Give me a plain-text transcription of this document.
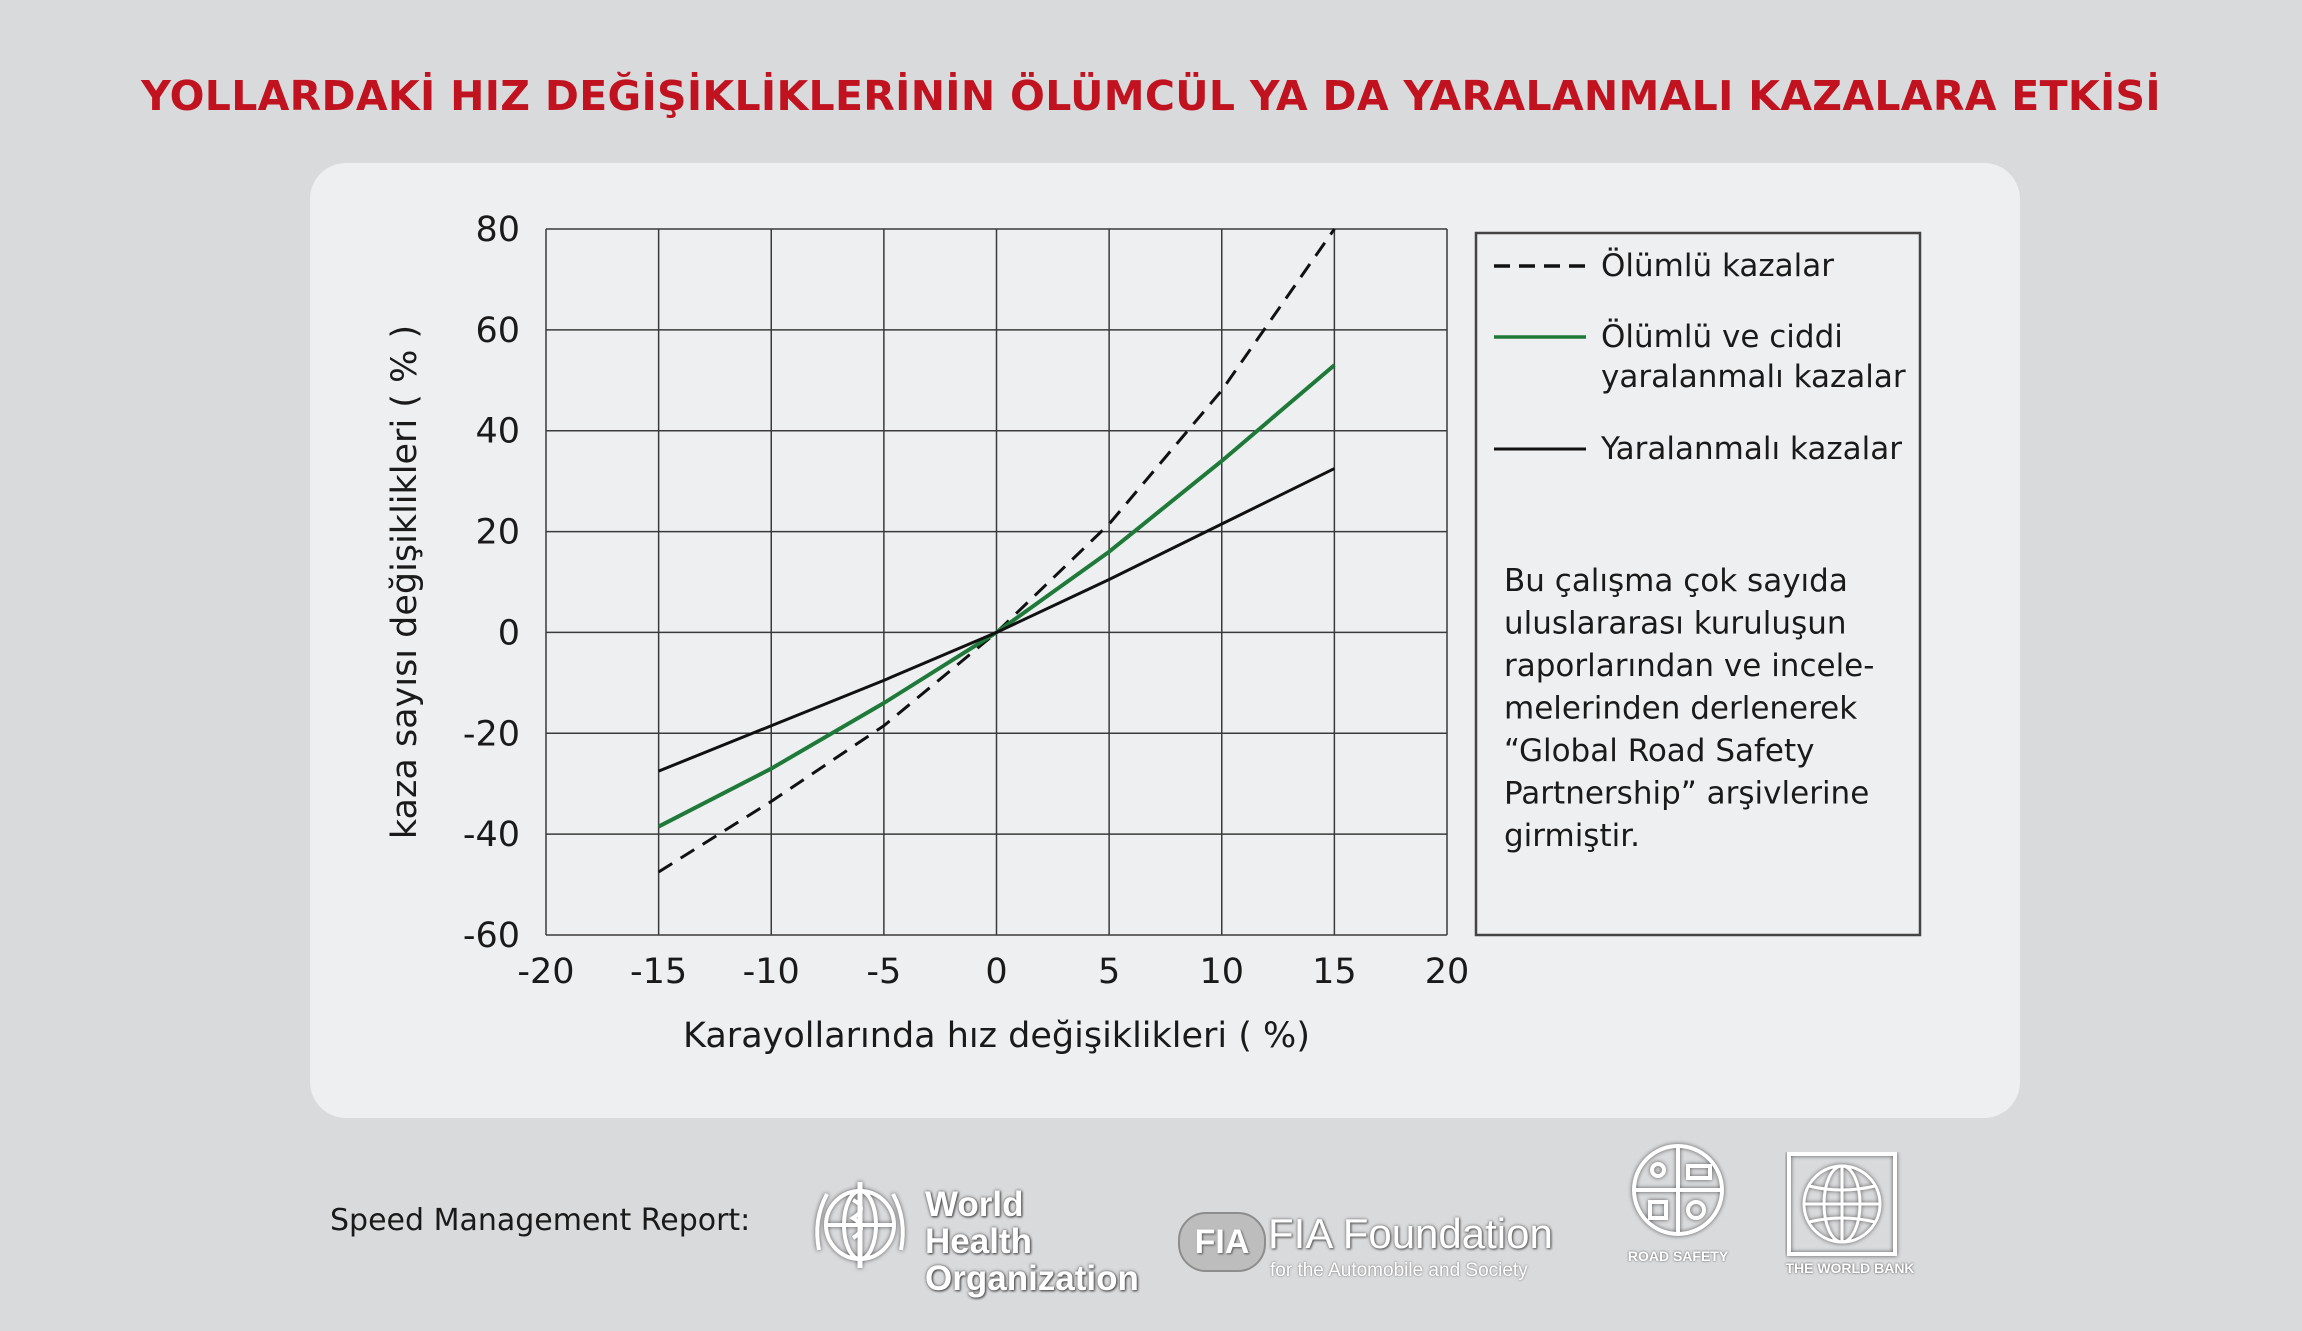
YOLLARDAKİ HIZ DEĞİŞİKLİKLERİNİN ÖLÜMCÜL YA DA YARALANMALI KAZALARA ETKİSİ
-60
-40
-20
0
20
40
60
80
-20 -15 -10 -5 0	5 10 15 20
Karayollarında hız değişiklikleri ( %)
kaza sayısı değişiklikleri ( % )
Ölümlü kazalar
Ölümlü ve ciddi
yaralanmalı kazalar
Yaralanmalı kazalar
Bu çalışma çok sayıda
uluslararası kuruluşun
raporlarından ve incele-
melerinden derlenerek
“Global Road Safety
Partnership” arşivlerine
girmiştir.
Speed Management Report:	World Health
Organization
FIA FIA Foundation
for the Automobile and Society
ROAD SAFETY
THE WORLD BANK
